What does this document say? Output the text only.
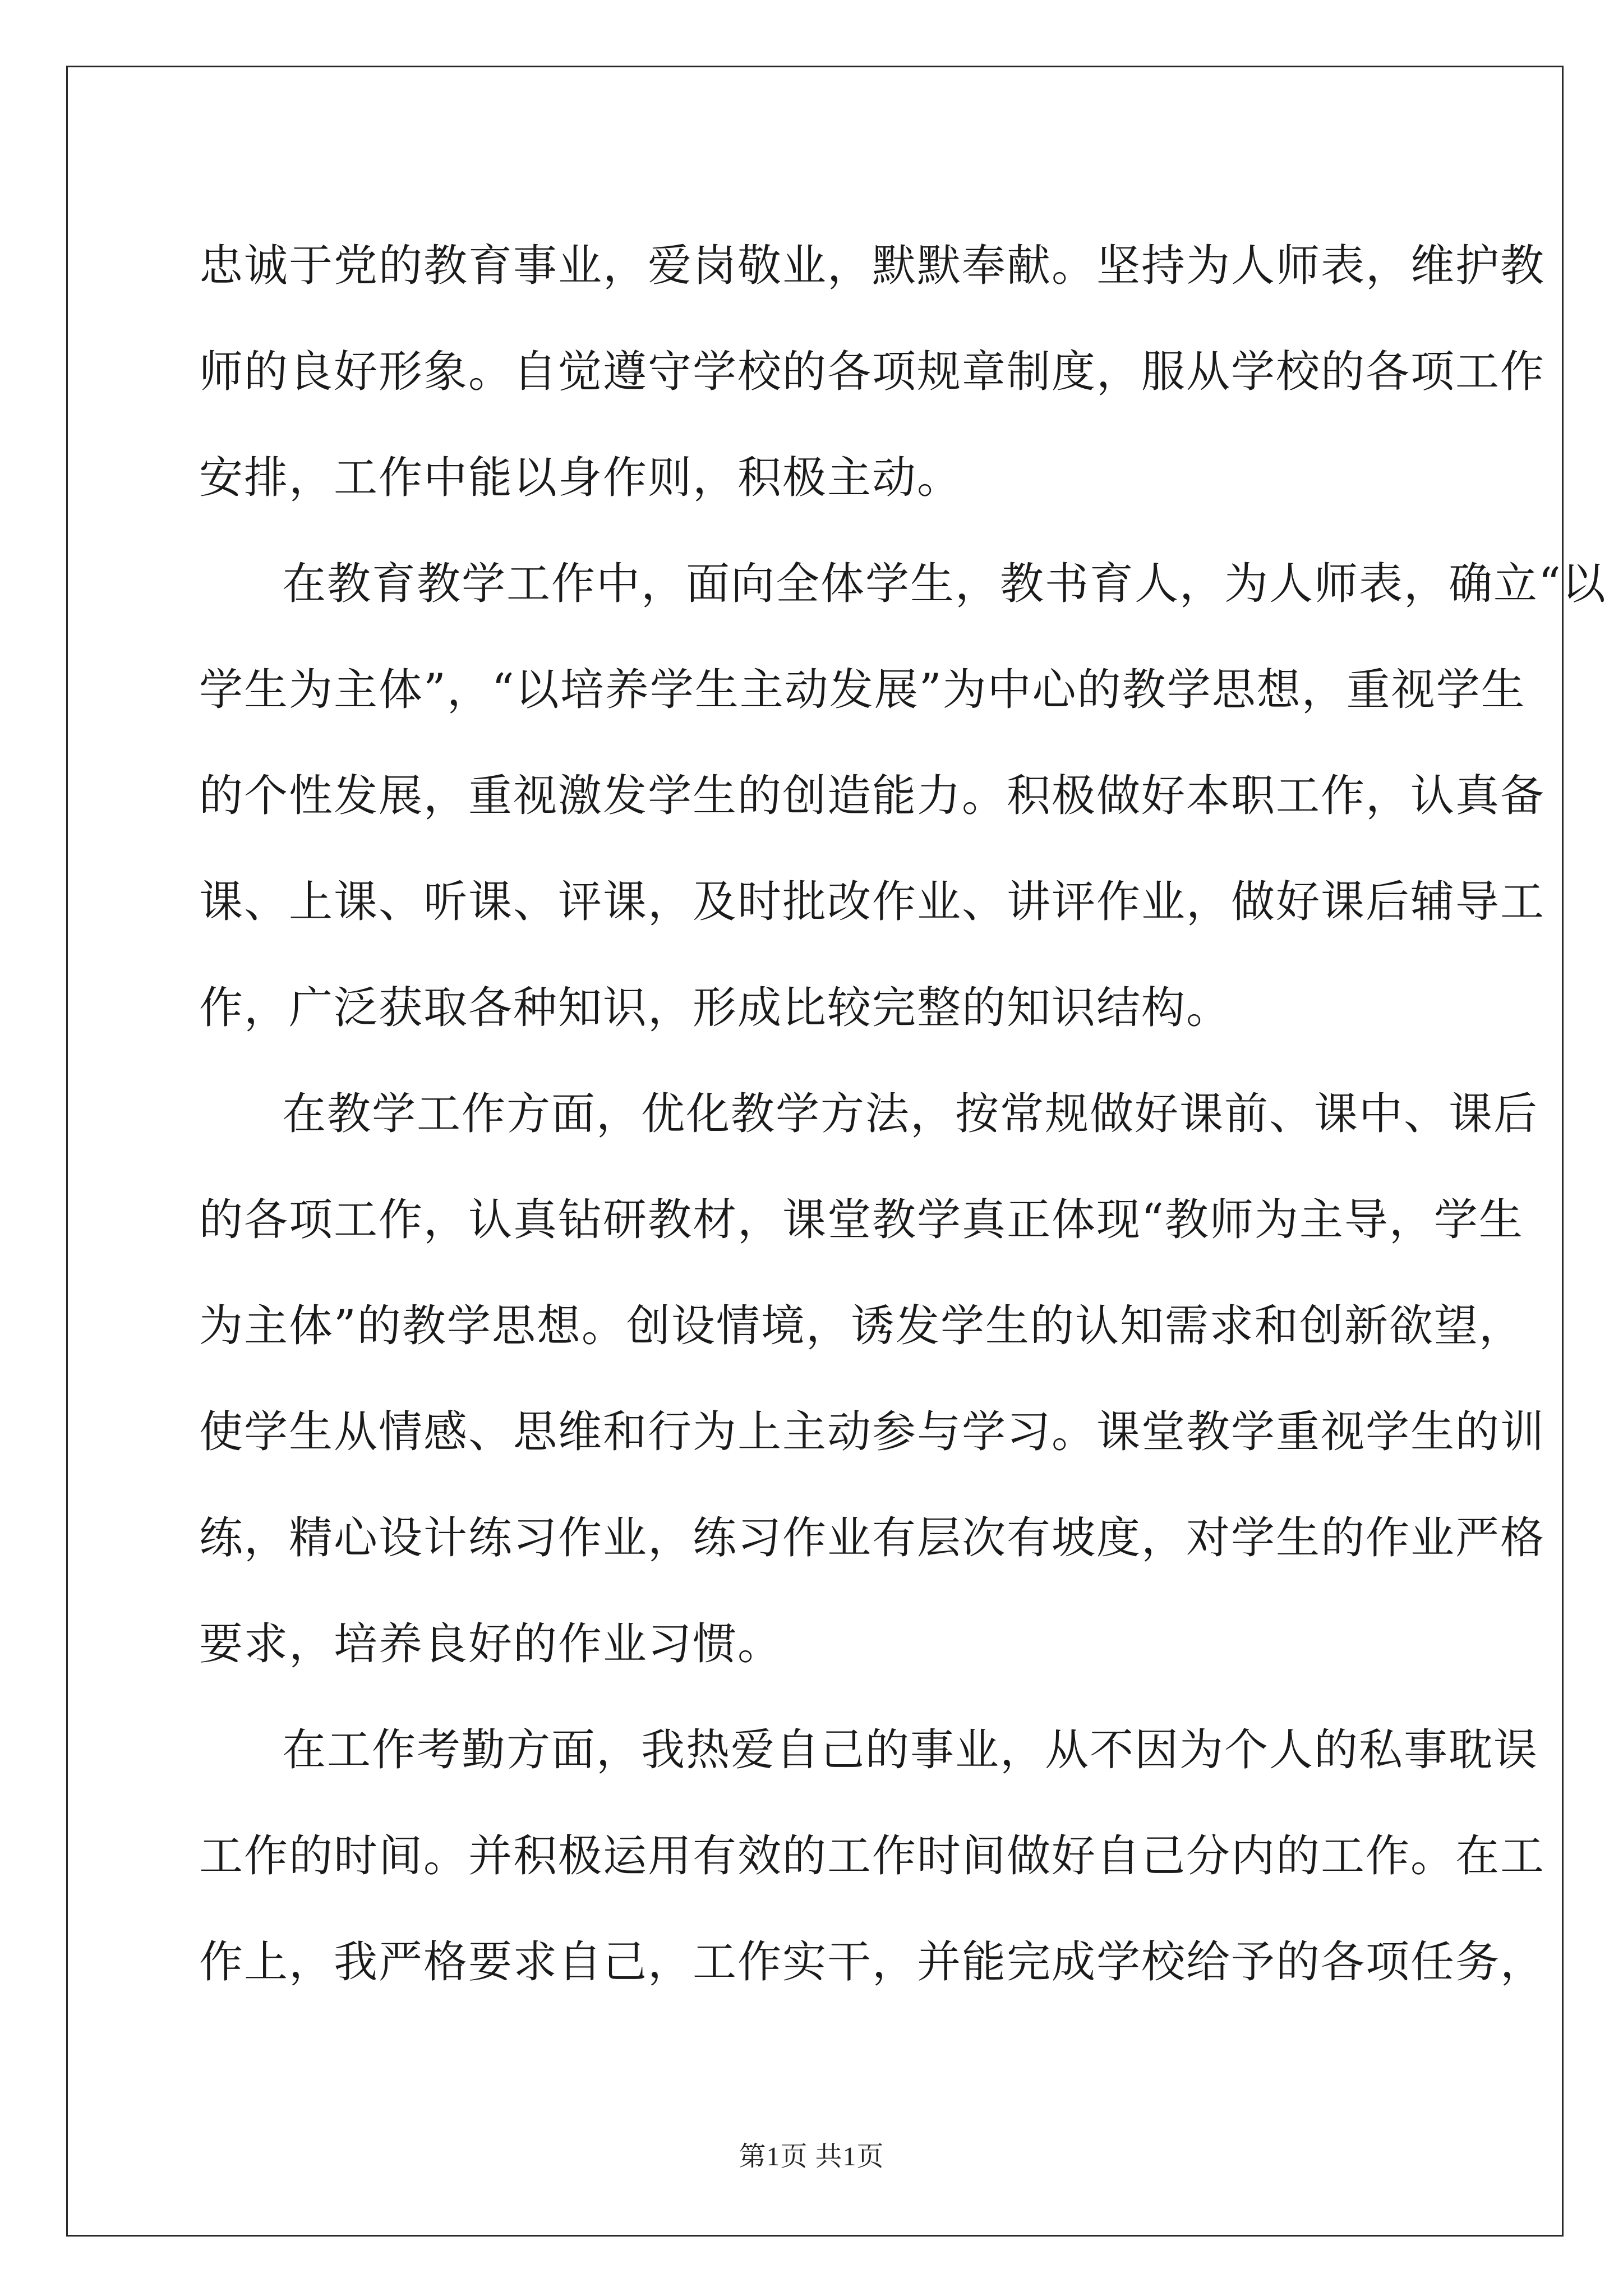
忠诚于党的教育事业，爱岗敬业，默默奉献。坚持为人师表，维护教
师的良好形象。自觉遵守学校的各项规章制度，服从学校的各项工作
安排，工作中能以身作则，积极主动。
在教育教学工作中，面向全体学生，教书育人，为人师表，确立“以
学生为主体”，“以培养学生主动发展”为中心的教学思想，重视学生
的个性发展，重视激发学生的创造能力。积极做好本职工作，认真备
课、上课、听课、评课，及时批改作业、讲评作业，做好课后辅导工
作，广泛获取各种知识，形成比较完整的知识结构。
在教学工作方面，优化教学方法，按常规做好课前、课中、课后
的各项工作，认真钻研教材，课堂教学真正体现“教师为主导，学生
为主体”的教学思想。创设情境，诱发学生的认知需求和创新欲望，
使学生从情感、思维和行为上主动参与学习。课堂教学重视学生的训
练，精心设计练习作业，练习作业有层次有坡度，对学生的作业严格
要求，培养良好的作业习惯。
在工作考勤方面，我热爱自己的事业，从不因为个人的私事耽误
工作的时间。并积极运用有效的工作时间做好自己分内的工作。在工
作上，我严格要求自己，工作实干，并能完成学校给予的各项任务，
第1页 共1页
